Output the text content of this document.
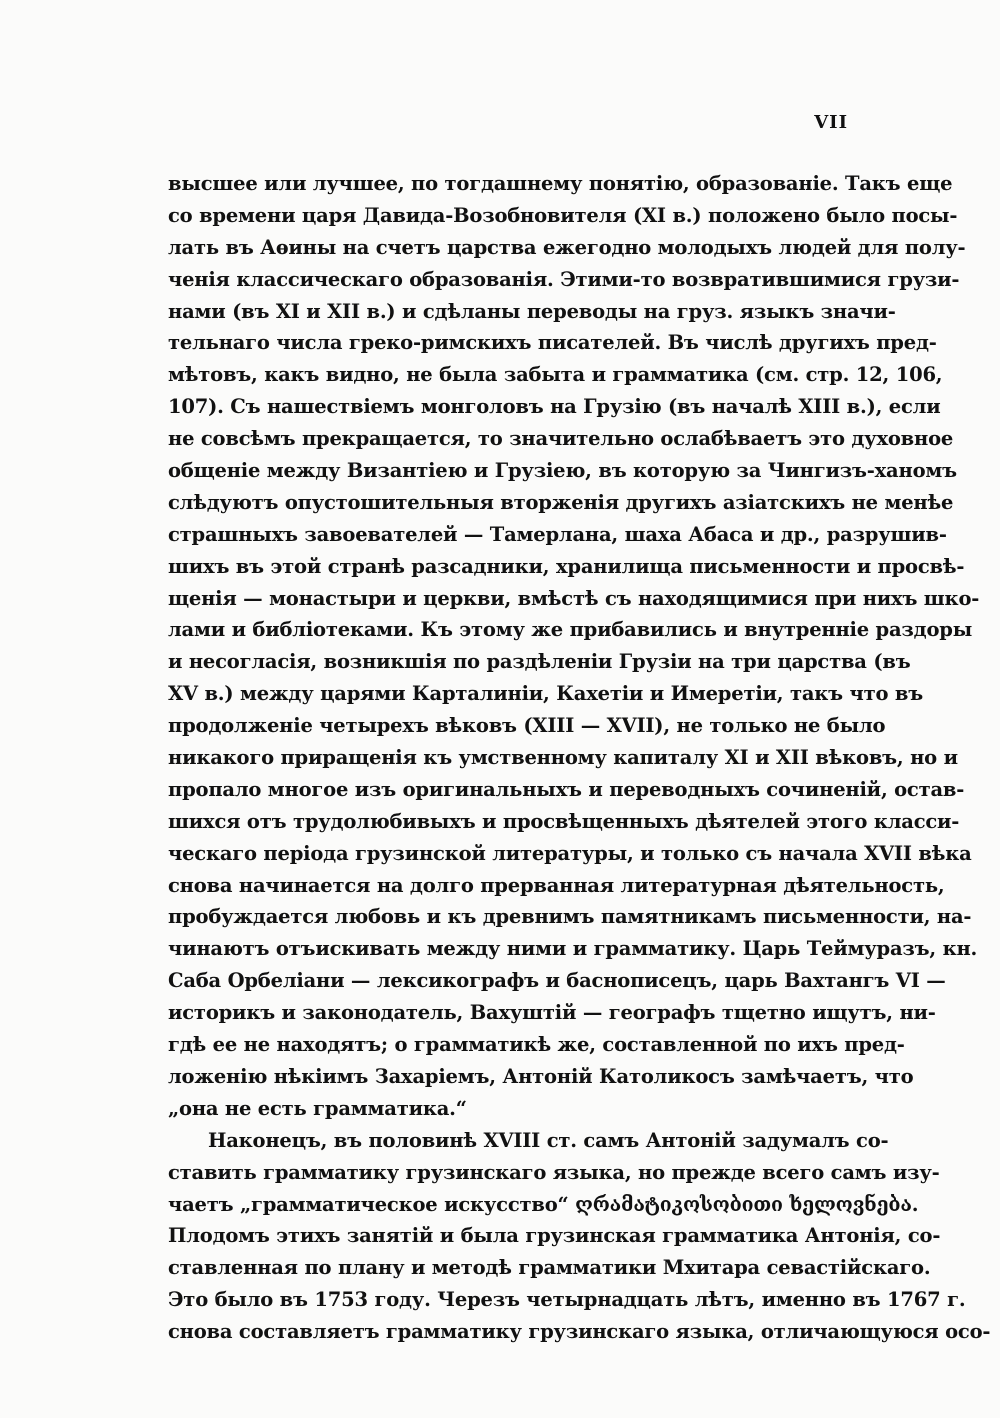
VII
высшее или лучшее, по тогдашнему понятію, образованіе. Такъ еще
со времени царя Давида-Возобновителя (XI в.) положено было посы-
лать въ Аѳины на счетъ царства ежегодно молодыхъ людей для полу-
ченія классическаго образованія. Этими-то возвратившимися грузи-
нами (въ XI и XII в.) и сдѣланы переводы на груз. языкъ значи-
тельнаго числа греко-римскихъ писателей. Въ числѣ другихъ пред-
мѣтовъ, какъ видно, не была забыта и грамматика (см. стр. 12, 106,
107). Съ нашествіемъ монголовъ на Грузію (въ началѣ XIII в.), если
не совсѣмъ прекращается, то значительно ослабѣваетъ это духовное
общеніе между Византіею и Грузіею, въ которую за Чингизъ-ханомъ
слѣдуютъ опустошительныя вторженія другихъ азіатскихъ не менѣе
страшныхъ завоевателей — Тамерлана, шаха Абаса и др., разрушив-
шихъ въ этой странѣ разсадники, хранилища письменности и просвѣ-
щенія — монастыри и церкви, вмѣстѣ съ находящимися при нихъ шко-
лами и библіотеками. Къ этому же прибавились и внутренніе раздоры
и несогласія, возникшія по раздѣленіи Грузіи на три царства (въ
XV в.) между царями Карталиніи, Кахетіи и Имеретіи, такъ что въ
продолженіе четырехъ вѣковъ (XIII — XVII), не только не было
никакого приращенія къ умственному капиталу XI и XII вѣковъ, но и
пропало многое изъ оригинальныхъ и переводныхъ сочиненій, остав-
шихся отъ трудолюбивыхъ и просвѣщенныхъ дѣятелей этого класси-
ческаго періода грузинской литературы, и только съ начала XVII вѣка
снова начинается на долго прерванная литературная дѣятельность,
пробуждается любовь и къ древнимъ памятникамъ письменности, на-
чинаютъ отъискивать между ними и грамматику. Царь Теймуразъ, кн.
Саба Орбеліани — лексикографъ и баснописецъ, царь Вахтангъ VI —
историкъ и законодатель, Вахуштій — географъ тщетно ищутъ, ни-
гдѣ ее не находятъ; о грамматикѣ же, составленной по ихъ пред-
ложенію нѣкіимъ Захаріемъ, Антоній Католикосъ замѣчаетъ, что
„она не есть грамматика.“
Наконецъ, въ половинѣ XVIII ст. самъ Антоній задумалъ со-
ставить грамматику грузинскаго языка, но прежде всего самъ изу-
чаетъ „грамматическое искусство“ ღრამატიკოსობითი ხელოვნება.
Плодомъ этихъ занятій и была грузинская грамматика Антонія, со-
ставленная по плану и методѣ грамматики Мхитара севастійскаго.
Это было въ 1753 году. Черезъ четырнадцать лѣтъ, именно въ 1767 г.
снова составляетъ грамматику грузинскаго языка, отличающуюся осо-
